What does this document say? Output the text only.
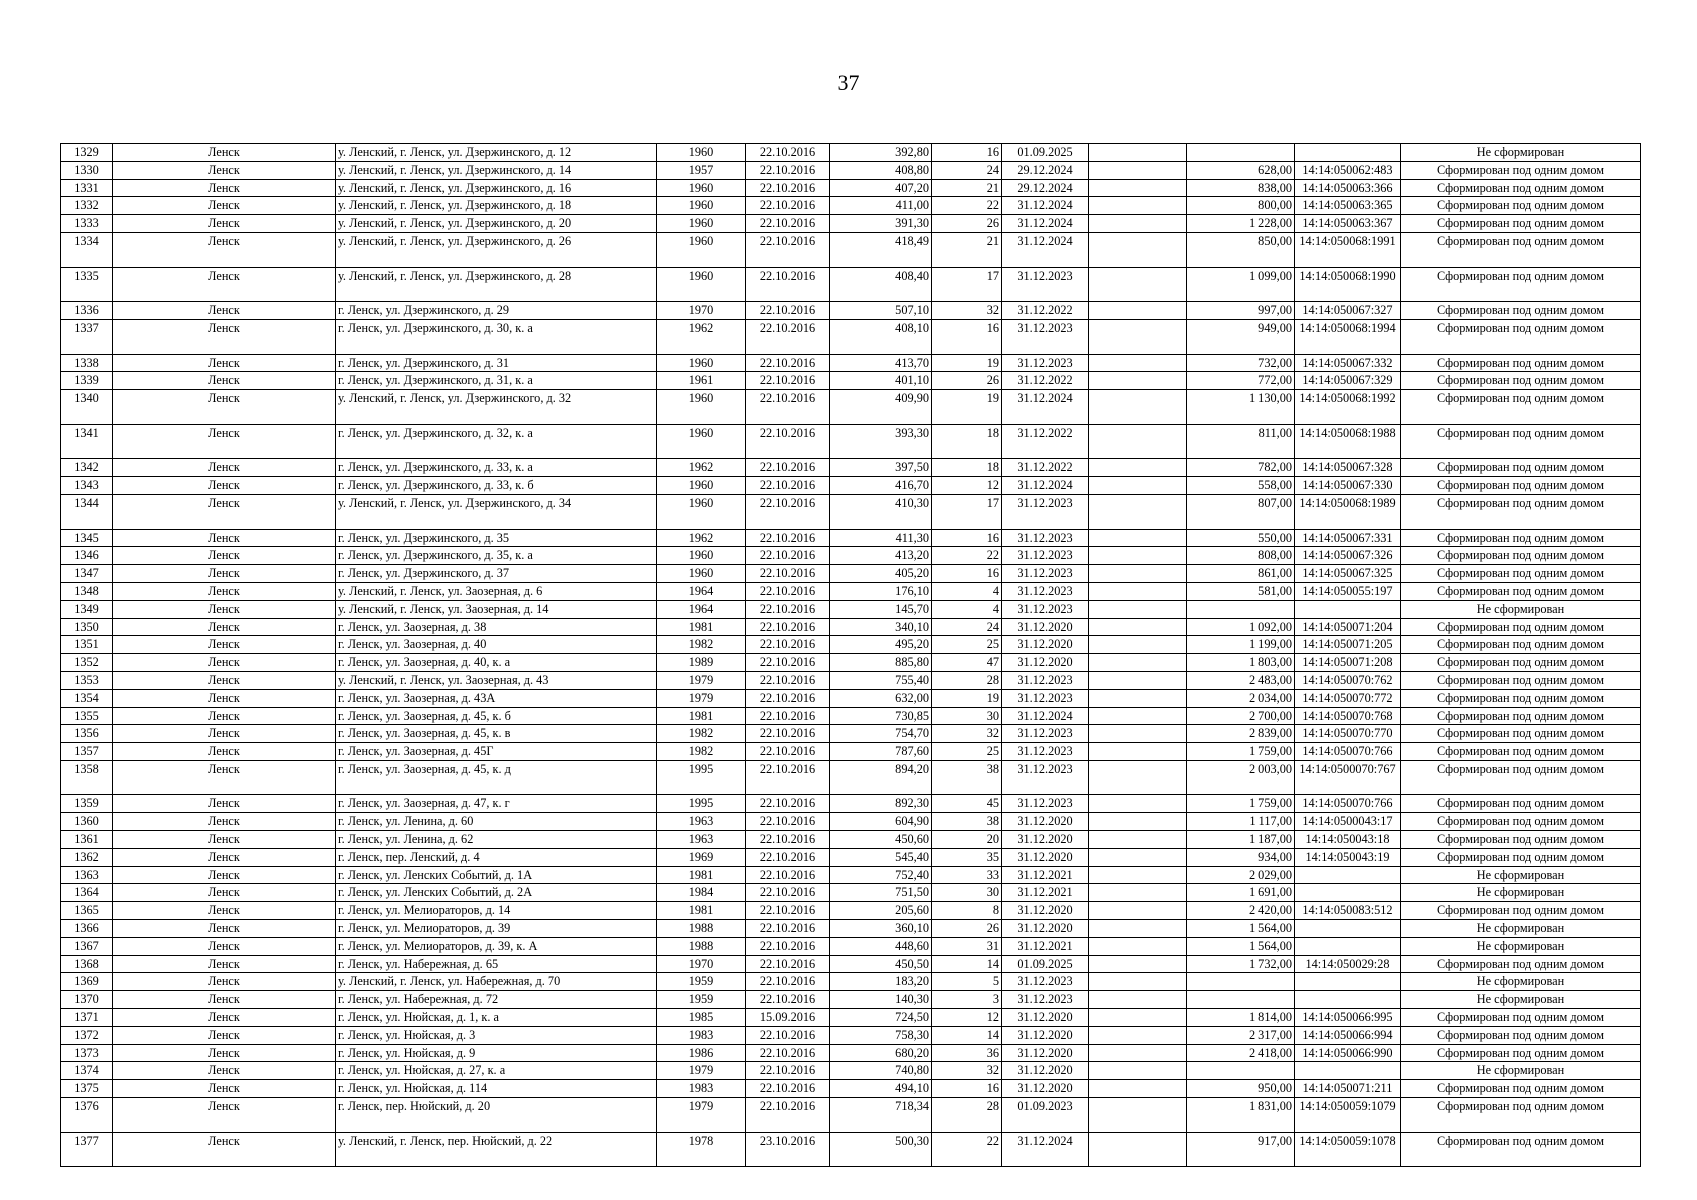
37
1329	Ленск	у. Ленский, г. Ленск, ул. Дзержинского, д. 12	1960	22.10.2016	392,80	16	01.09.2025				Не сформирован
1330	Ленск	у. Ленский, г. Ленск, ул. Дзержинского, д. 14	1957	22.10.2016	408,80	24	29.12.2024		628,00	14:14:050062:483	Сформирован под одним домом
1331	Ленск	у. Ленский, г. Ленск, ул. Дзержинского, д. 16	1960	22.10.2016	407,20	21	29.12.2024		838,00	14:14:050063:366	Сформирован под одним домом
1332	Ленск	у. Ленский, г. Ленск, ул. Дзержинского, д. 18	1960	22.10.2016	411,00	22	31.12.2024		800,00	14:14:050063:365	Сформирован под одним домом
1333	Ленск	у. Ленский, г. Ленск, ул. Дзержинского, д. 20	1960	22.10.2016	391,30	26	31.12.2024		1 228,00	14:14:050063:367	Сформирован под одним домом
1334	Ленск	у. Ленский, г. Ленск, ул. Дзержинского, д. 26	1960	22.10.2016	418,49	21	31.12.2024		850,00	14:14:050068:1991	Сформирован под одним домом
1335	Ленск	у. Ленский, г. Ленск, ул. Дзержинского, д. 28	1960	22.10.2016	408,40	17	31.12.2023		1 099,00	14:14:050068:1990	Сформирован под одним домом
1336	Ленск	г. Ленск, ул. Дзержинского, д. 29	1970	22.10.2016	507,10	32	31.12.2022		997,00	14:14:050067:327	Сформирован под одним домом
1337	Ленск	г. Ленск, ул. Дзержинского, д. 30, к. а	1962	22.10.2016	408,10	16	31.12.2023		949,00	14:14:050068:1994	Сформирован под одним домом
1338	Ленск	г. Ленск, ул. Дзержинского, д. 31	1960	22.10.2016	413,70	19	31.12.2023		732,00	14:14:050067:332	Сформирован под одним домом
1339	Ленск	г. Ленск, ул. Дзержинского, д. 31, к. а	1961	22.10.2016	401,10	26	31.12.2022		772,00	14:14:050067:329	Сформирован под одним домом
1340	Ленск	у. Ленский, г. Ленск, ул. Дзержинского, д. 32	1960	22.10.2016	409,90	19	31.12.2024		1 130,00	14:14:050068:1992	Сформирован под одним домом
1341	Ленск	г. Ленск, ул. Дзержинского, д. 32, к. а	1960	22.10.2016	393,30	18	31.12.2022		811,00	14:14:050068:1988	Сформирован под одним домом
1342	Ленск	г. Ленск, ул. Дзержинского, д. 33, к. а	1962	22.10.2016	397,50	18	31.12.2022		782,00	14:14:050067:328	Сформирован под одним домом
1343	Ленск	г. Ленск, ул. Дзержинского, д. 33, к. б	1960	22.10.2016	416,70	12	31.12.2024		558,00	14:14:050067:330	Сформирован под одним домом
1344	Ленск	у. Ленский, г. Ленск, ул. Дзержинского, д. 34	1960	22.10.2016	410,30	17	31.12.2023		807,00	14:14:050068:1989	Сформирован под одним домом
1345	Ленск	г. Ленск, ул. Дзержинского, д. 35	1962	22.10.2016	411,30	16	31.12.2023		550,00	14:14:050067:331	Сформирован под одним домом
1346	Ленск	г. Ленск, ул. Дзержинского, д. 35, к. а	1960	22.10.2016	413,20	22	31.12.2023		808,00	14:14:050067:326	Сформирован под одним домом
1347	Ленск	г. Ленск, ул. Дзержинского, д. 37	1960	22.10.2016	405,20	16	31.12.2023		861,00	14:14:050067:325	Сформирован под одним домом
1348	Ленск	у. Ленский, г. Ленск, ул. Заозерная, д. 6	1964	22.10.2016	176,10	4	31.12.2023		581,00	14:14:050055:197	Сформирован под одним домом
1349	Ленск	у. Ленский, г. Ленск, ул. Заозерная, д. 14	1964	22.10.2016	145,70	4	31.12.2023				Не сформирован
1350	Ленск	г. Ленск, ул. Заозерная, д. 38	1981	22.10.2016	340,10	24	31.12.2020		1 092,00	14:14:050071:204	Сформирован под одним домом
1351	Ленск	г. Ленск, ул. Заозерная, д. 40	1982	22.10.2016	495,20	25	31.12.2020		1 199,00	14:14:050071:205	Сформирован под одним домом
1352	Ленск	г. Ленск, ул. Заозерная, д. 40, к. а	1989	22.10.2016	885,80	47	31.12.2020		1 803,00	14:14:050071:208	Сформирован под одним домом
1353	Ленск	у. Ленский, г. Ленск, ул. Заозерная, д. 43	1979	22.10.2016	755,40	28	31.12.2023		2 483,00	14:14:050070:762	Сформирован под одним домом
1354	Ленск	г. Ленск, ул. Заозерная, д. 43А	1979	22.10.2016	632,00	19	31.12.2023		2 034,00	14:14:050070:772	Сформирован под одним домом
1355	Ленск	г. Ленск, ул. Заозерная, д. 45, к. б	1981	22.10.2016	730,85	30	31.12.2024		2 700,00	14:14:050070:768	Сформирован под одним домом
1356	Ленск	г. Ленск, ул. Заозерная, д. 45, к. в	1982	22.10.2016	754,70	32	31.12.2023		2 839,00	14:14:050070:770	Сформирован под одним домом
1357	Ленск	г. Ленск, ул. Заозерная, д. 45Г	1982	22.10.2016	787,60	25	31.12.2023		1 759,00	14:14:050070:766	Сформирован под одним домом
1358	Ленск	г. Ленск, ул. Заозерная, д. 45, к. д	1995	22.10.2016	894,20	38	31.12.2023		2 003,00	14:14:0500070:767	Сформирован под одним домом
1359	Ленск	г. Ленск, ул. Заозерная, д. 47, к. г	1995	22.10.2016	892,30	45	31.12.2023		1 759,00	14:14:050070:766	Сформирован под одним домом
1360	Ленск	г. Ленск, ул. Ленина, д. 60	1963	22.10.2016	604,90	38	31.12.2020		1 117,00	14:14:0500043:17	Сформирован под одним домом
1361	Ленск	г. Ленск, ул. Ленина, д. 62	1963	22.10.2016	450,60	20	31.12.2020		1 187,00	14:14:050043:18	Сформирован под одним домом
1362	Ленск	г. Ленск, пер. Ленский, д. 4	1969	22.10.2016	545,40	35	31.12.2020		934,00	14:14:050043:19	Сформирован под одним домом
1363	Ленск	г. Ленск, ул. Ленских Событий, д. 1А	1981	22.10.2016	752,40	33	31.12.2021		2 029,00		Не сформирован
1364	Ленск	г. Ленск, ул. Ленских Событий, д. 2А	1984	22.10.2016	751,50	30	31.12.2021		1 691,00		Не сформирован
1365	Ленск	г. Ленск, ул. Мелиораторов, д. 14	1981	22.10.2016	205,60	8	31.12.2020		2 420,00	14:14:050083:512	Сформирован под одним домом
1366	Ленск	г. Ленск, ул. Мелиораторов, д. 39	1988	22.10.2016	360,10	26	31.12.2020		1 564,00		Не сформирован
1367	Ленск	г. Ленск, ул. Мелиораторов, д. 39, к. А	1988	22.10.2016	448,60	31	31.12.2021		1 564,00		Не сформирован
1368	Ленск	г. Ленск, ул. Набережная, д. 65	1970	22.10.2016	450,50	14	01.09.2025		1 732,00	14:14:050029:28	Сформирован под одним домом
1369	Ленск	у. Ленский, г. Ленск, ул. Набережная, д. 70	1959	22.10.2016	183,20	5	31.12.2023				Не сформирован
1370	Ленск	г. Ленск, ул. Набережная, д. 72	1959	22.10.2016	140,30	3	31.12.2023				Не сформирован
1371	Ленск	г. Ленск, ул. Нюйская, д. 1, к. а	1985	15.09.2016	724,50	12	31.12.2020		1 814,00	14:14:050066:995	Сформирован под одним домом
1372	Ленск	г. Ленск, ул. Нюйская, д. 3	1983	22.10.2016	758,30	14	31.12.2020		2 317,00	14:14:050066:994	Сформирован под одним домом
1373	Ленск	г. Ленск, ул. Нюйская, д. 9	1986	22.10.2016	680,20	36	31.12.2020		2 418,00	14:14:050066:990	Сформирован под одним домом
1374	Ленск	г. Ленск, ул. Нюйская, д. 27, к. а	1979	22.10.2016	740,80	32	31.12.2020				Не сформирован
1375	Ленск	г. Ленск, ул. Нюйская, д. 114	1983	22.10.2016	494,10	16	31.12.2020		950,00	14:14:050071:211	Сформирован под одним домом
1376	Ленск	г. Ленск, пер. Нюйский, д. 20	1979	22.10.2016	718,34	28	01.09.2023		1 831,00	14:14:050059:1079	Сформирован под одним домом
1377	Ленск	у. Ленский, г. Ленск, пер. Нюйский, д. 22	1978	23.10.2016	500,30	22	31.12.2024		917,00	14:14:050059:1078	Сформирован под одним домом
